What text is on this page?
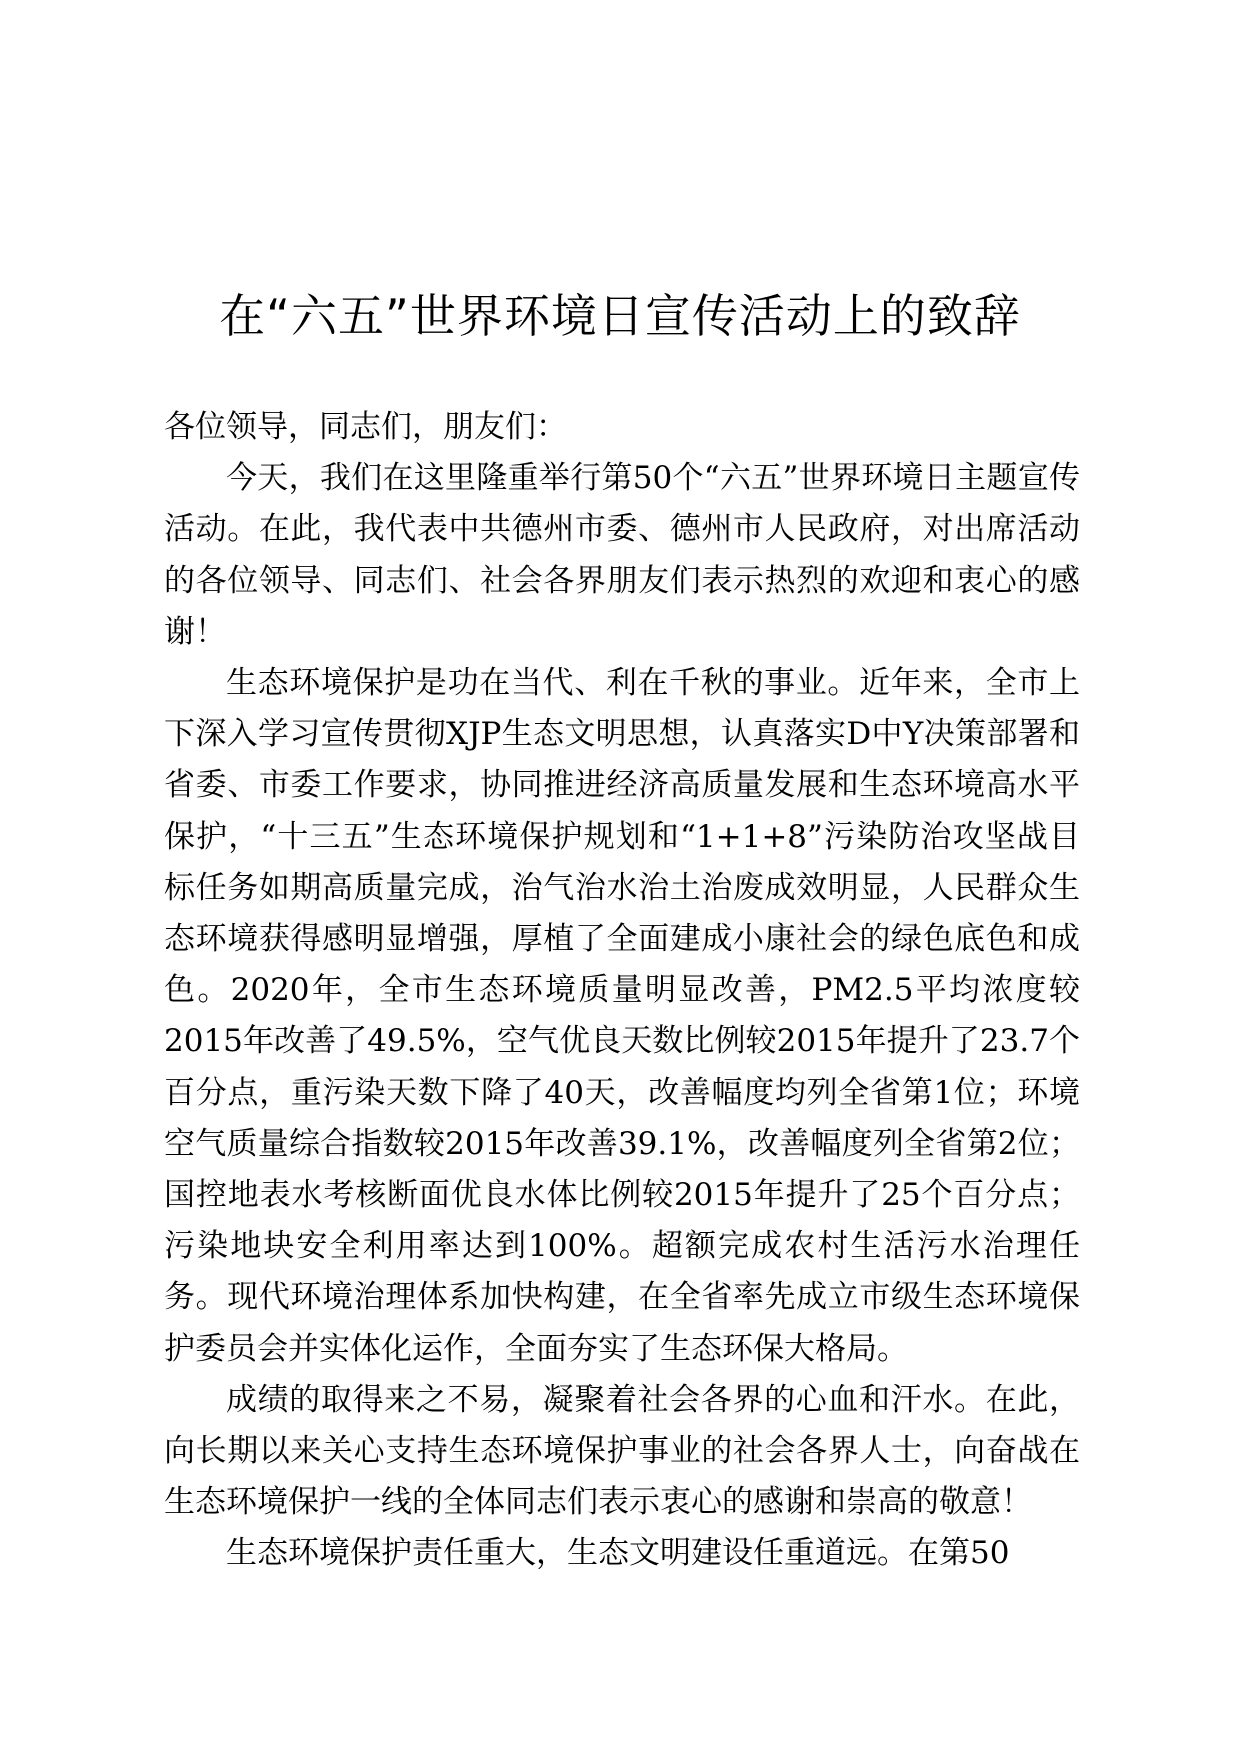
在“六五”世界环境日宣传活动上的致辞

各位领导，同志们，朋友们：

今天，我们在这里隆重举行第50个“六五”世界环境日主题宣传活动。在此，我代表中共德州市委、德州市人民政府，对出席活动的各位领导、同志们、社会各界朋友们表示热烈的欢迎和衷心的感谢！

生态环境保护是功在当代、利在千秋的事业。近年来，全市上下深入学习宣传贯彻XJP生态文明思想，认真落实D中Y决策部署和省委、市委工作要求，协同推进经济高质量发展和生态环境高水平保护，“十三五”生态环境保护规划和“1+1+8”污染防治攻坚战目标任务如期高质量完成，治气治水治土治废成效明显，人民群众生态环境获得感明显增强，厚植了全面建成小康社会的绿色底色和成色。2020年，全市生态环境质量明显改善，PM2.5平均浓度较2015年改善了49.5%，空气优良天数比例较2015年提升了23.7个百分点，重污染天数下降了40天，改善幅度均列全省第1位；环境空气质量综合指数较2015年改善39.1%，改善幅度列全省第2位；国控地表水考核断面优良水体比例较2015年提升了25个百分点；污染地块安全利用率达到100%。超额完成农村生活污水治理任务。现代环境治理体系加快构建，在全省率先成立市级生态环境保护委员会并实体化运作，全面夯实了生态环保大格局。

成绩的取得来之不易，凝聚着社会各界的心血和汗水。在此，向长期以来关心支持生态环境保护事业的社会各界人士，向奋战在生态环境保护一线的全体同志们表示衷心的感谢和崇高的敬意！

生态环境保护责任重大，生态文明建设任重道远。在第50
